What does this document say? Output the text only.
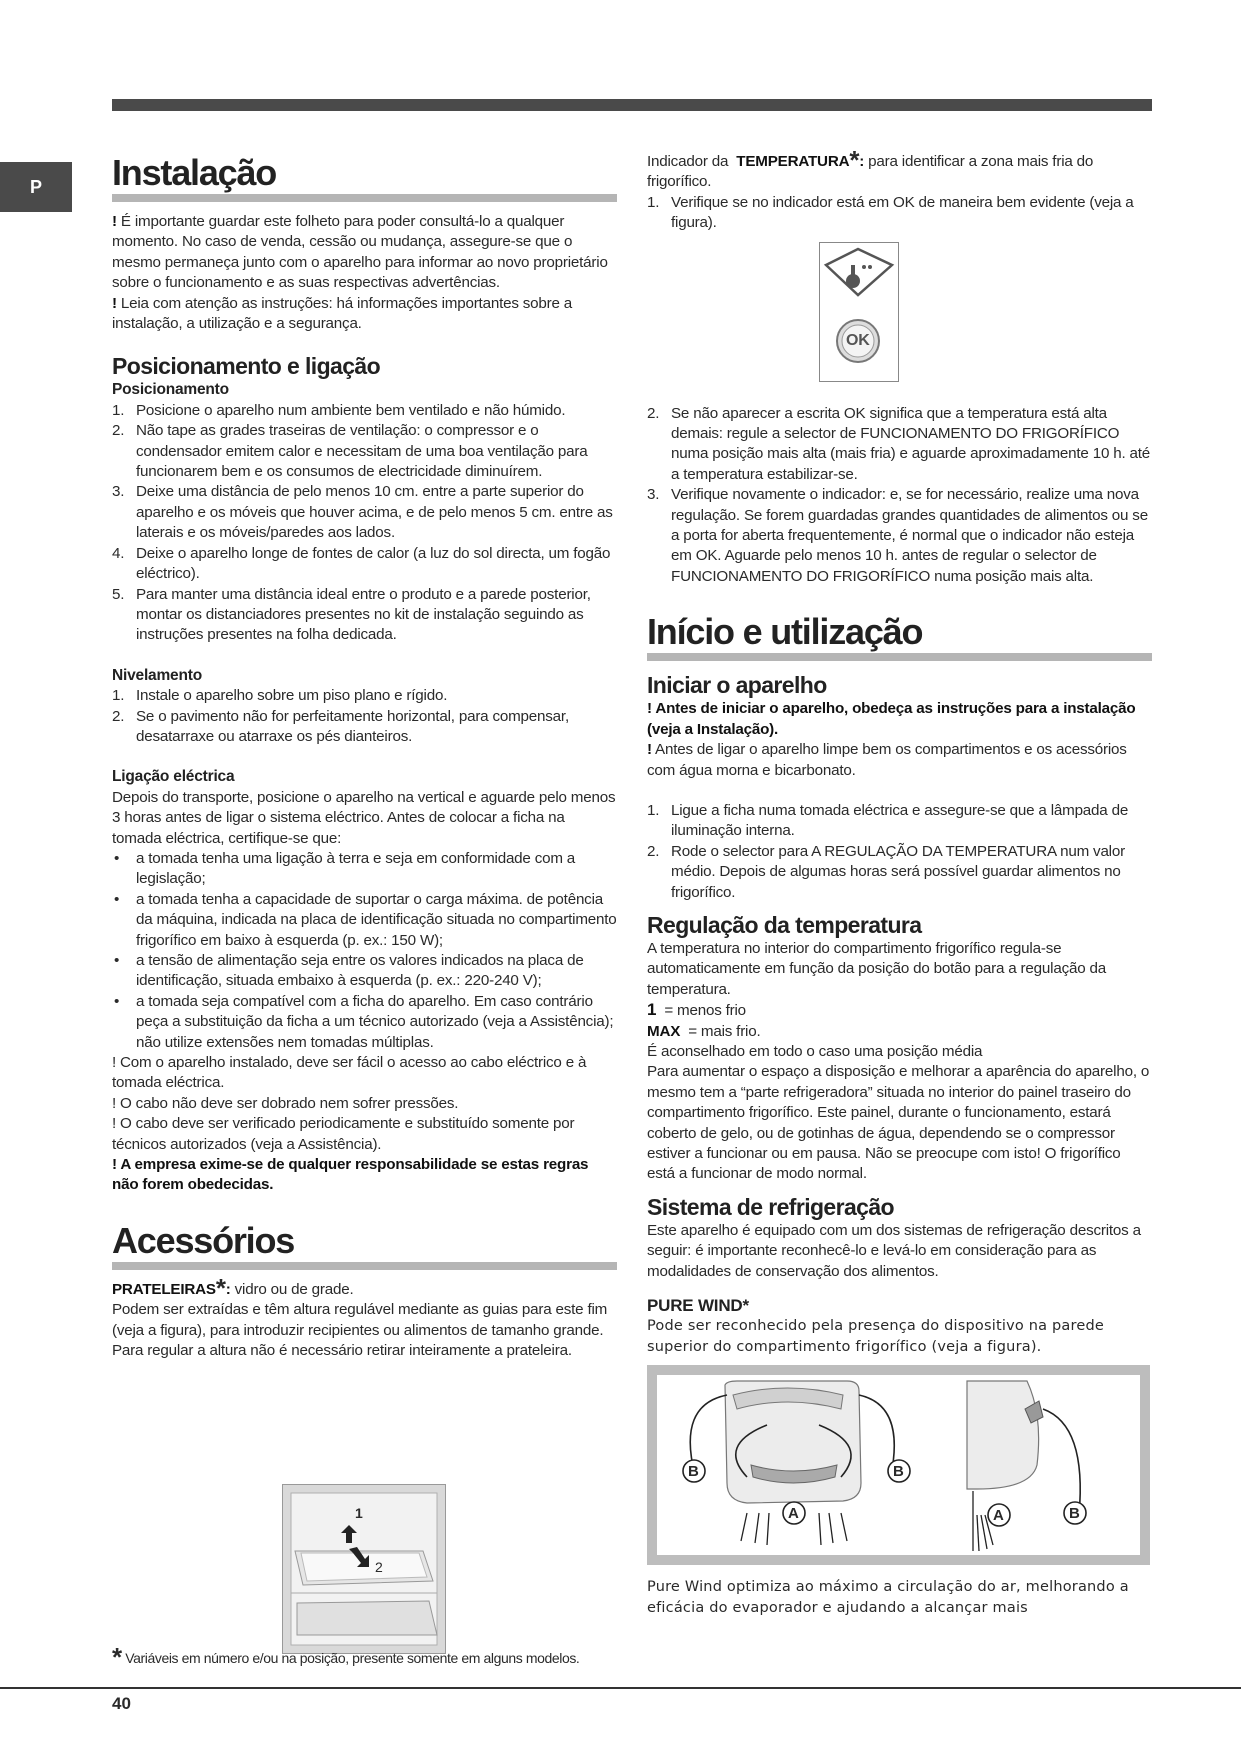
P	Instalação

! É importante guardar este folheto para poder consultá-lo a qualquer momento. No caso de venda, cessão ou mudança, assegure-se que o mesmo permaneça junto com o aparelho para informar ao novo proprietário sobre o funcionamento e as suas respectivas advertências.

! Leia com atenção as instruções: há informações importantes sobre a instalação, a utilização e a segurança.

Posicionamento e ligação
Posicionamento
1. Posicione o aparelho num ambiente bem ventilado e não húmido.
2. Não tape as grades traseiras de ventilação: o compressor e o condensador emitem calor e necessitam de uma boa ventilação para funcionarem bem e os consumos de electricidade diminuírem.
3. Deixe uma distância de pelo menos 10 cm. entre a parte superior do aparelho e os móveis que houver acima, e de pelo menos 5 cm. entre as laterais e os móveis/paredes aos lados.
4. Deixe o aparelho longe de fontes de calor (a luz do sol directa, um fogão eléctrico).
5. Para manter uma distância ideal entre o produto e a parede posterior, montar os distanciadores presentes no kit de instalação seguindo as instruções presentes na folha dedicada.
Nivelamento
1. Instale o aparelho sobre um piso plano e rígido.
2. Se o pavimento não for perfeitamente horizontal, para compensar, desatarraxe ou atarraxe os pés dianteiros.
Ligação eléctrica

Depois do transporte, posicione o aparelho na vertical e aguarde pelo menos 3 horas antes de ligar o sistema eléctrico. Antes de colocar a ficha na tomada eléctrica, certifique-se que:

• a tomada tenha uma ligação à terra e seja em conformidade com a legislação;
• a tomada tenha a capacidade de suportar o carga máxima. de potência da máquina, indicada na placa de identificação situada no compartimento frigorífico em baixo à esquerda (p. ex.: 150 W);
• a tensão de alimentação seja entre os valores indicados na placa de identificação, situada embaixo à esquerda (p. ex.: 220-240 V);
• a tomada seja compatível com a ficha do aparelho. Em caso contrário peça a substituição da ficha a um técnico autorizado (veja a Assistência); não utilize extensões nem tomadas múltiplas.

! Com o aparelho instalado, deve ser fácil o acesso ao cabo eléctrico e à tomada eléctrica.

! O cabo não deve ser dobrado nem sofrer pressões.

! O cabo deve ser verificado periodicamente e substituído somente por técnicos autorizados (veja a Assistência).

! A empresa exime-se de qualquer responsabilidade se estas regras não forem obedecidas.

Acessórios

PRATELEIRAS*: vidro ou de grade.

Podem ser extraídas e têm altura regulável mediante as guias para este fim (veja a figura), para introduzir recipientes ou alimentos de tamanho grande. Para regular a altura não é necessário retirar inteiramente a prateleira.

1
2
* Variáveis em número e/ou na posição, presente somente em alguns modelos.

Indicador da TEMPERATURA*: para identificar a zona mais fria do frigorífico.

1. Verifique se no indicador está em OK de maneira bem evidente (veja a figura).
OK
2. Se não aparecer a escrita OK significa que a temperatura está alta demais: regule a selector de FUNCIONAMENTO DO FRIGORÍFICO numa posição mais alta (mais fria) e aguarde aproximadamente 10 h. até a temperatura estabilizar-se.
3. Verifique novamente o indicador: e, se for necessário, realize uma nova regulação. Se forem guardadas grandes quantidades de alimentos ou se a porta for aberta frequentemente, é normal que o indicador não esteja em OK. Aguarde pelo menos 10 h. antes de regular o selector de FUNCIONAMENTO DO FRIGORÍFICO numa posição mais alta.
Início e utilização
Iniciar o aparelho

! Antes de iniciar o aparelho, obedeça as instruções para a instalação (veja a Instalação).

! Antes de ligar o aparelho limpe bem os compartimentos e os acessórios com água morna e bicarbonato.

1. Ligue a ficha numa tomada eléctrica e assegure-se que a lâmpada de iluminação interna.
2. Rode o selector para A REGULAÇÃO DA TEMPERATURA num valor médio. Depois de algumas horas será possível guardar alimentos no frigorífico.
Regulação da temperatura

A temperatura no interior do compartimento frigorífico regula-se automaticamente em função da posição do botão para a regulação da temperatura.

1 = menos frio

MAX = mais frio.

É aconselhado em todo o caso uma posição média

Para aumentar o espaço a disposição e melhorar a aparência do aparelho, o mesmo tem a “parte refrigeradora” situada no interior do painel traseiro do compartimento frigorífico. Este painel, durante o funcionamento, estará coberto de gelo, ou de gotinhas de água, dependendo se o compressor estiver a funcionar ou em pausa. Não se preocupe com isto! O frigorífico está a funcionar de modo normal.

Sistema de refrigeração

Este aparelho é equipado com um dos sistemas de refrigeração descritos a seguir: é importante reconhecê-lo e levá-lo em consideração para as modalidades de conservação dos alimentos.

PURE WIND*

Pode ser reconhecido pela presença do dispositivo na parede superior do compartimento frigorífico (veja a figura).

B	B
A	A	B

Pure Wind optimiza ao máximo a circulação do ar, melhorando a eficácia do evaporador e ajudando a alcançar mais

40
